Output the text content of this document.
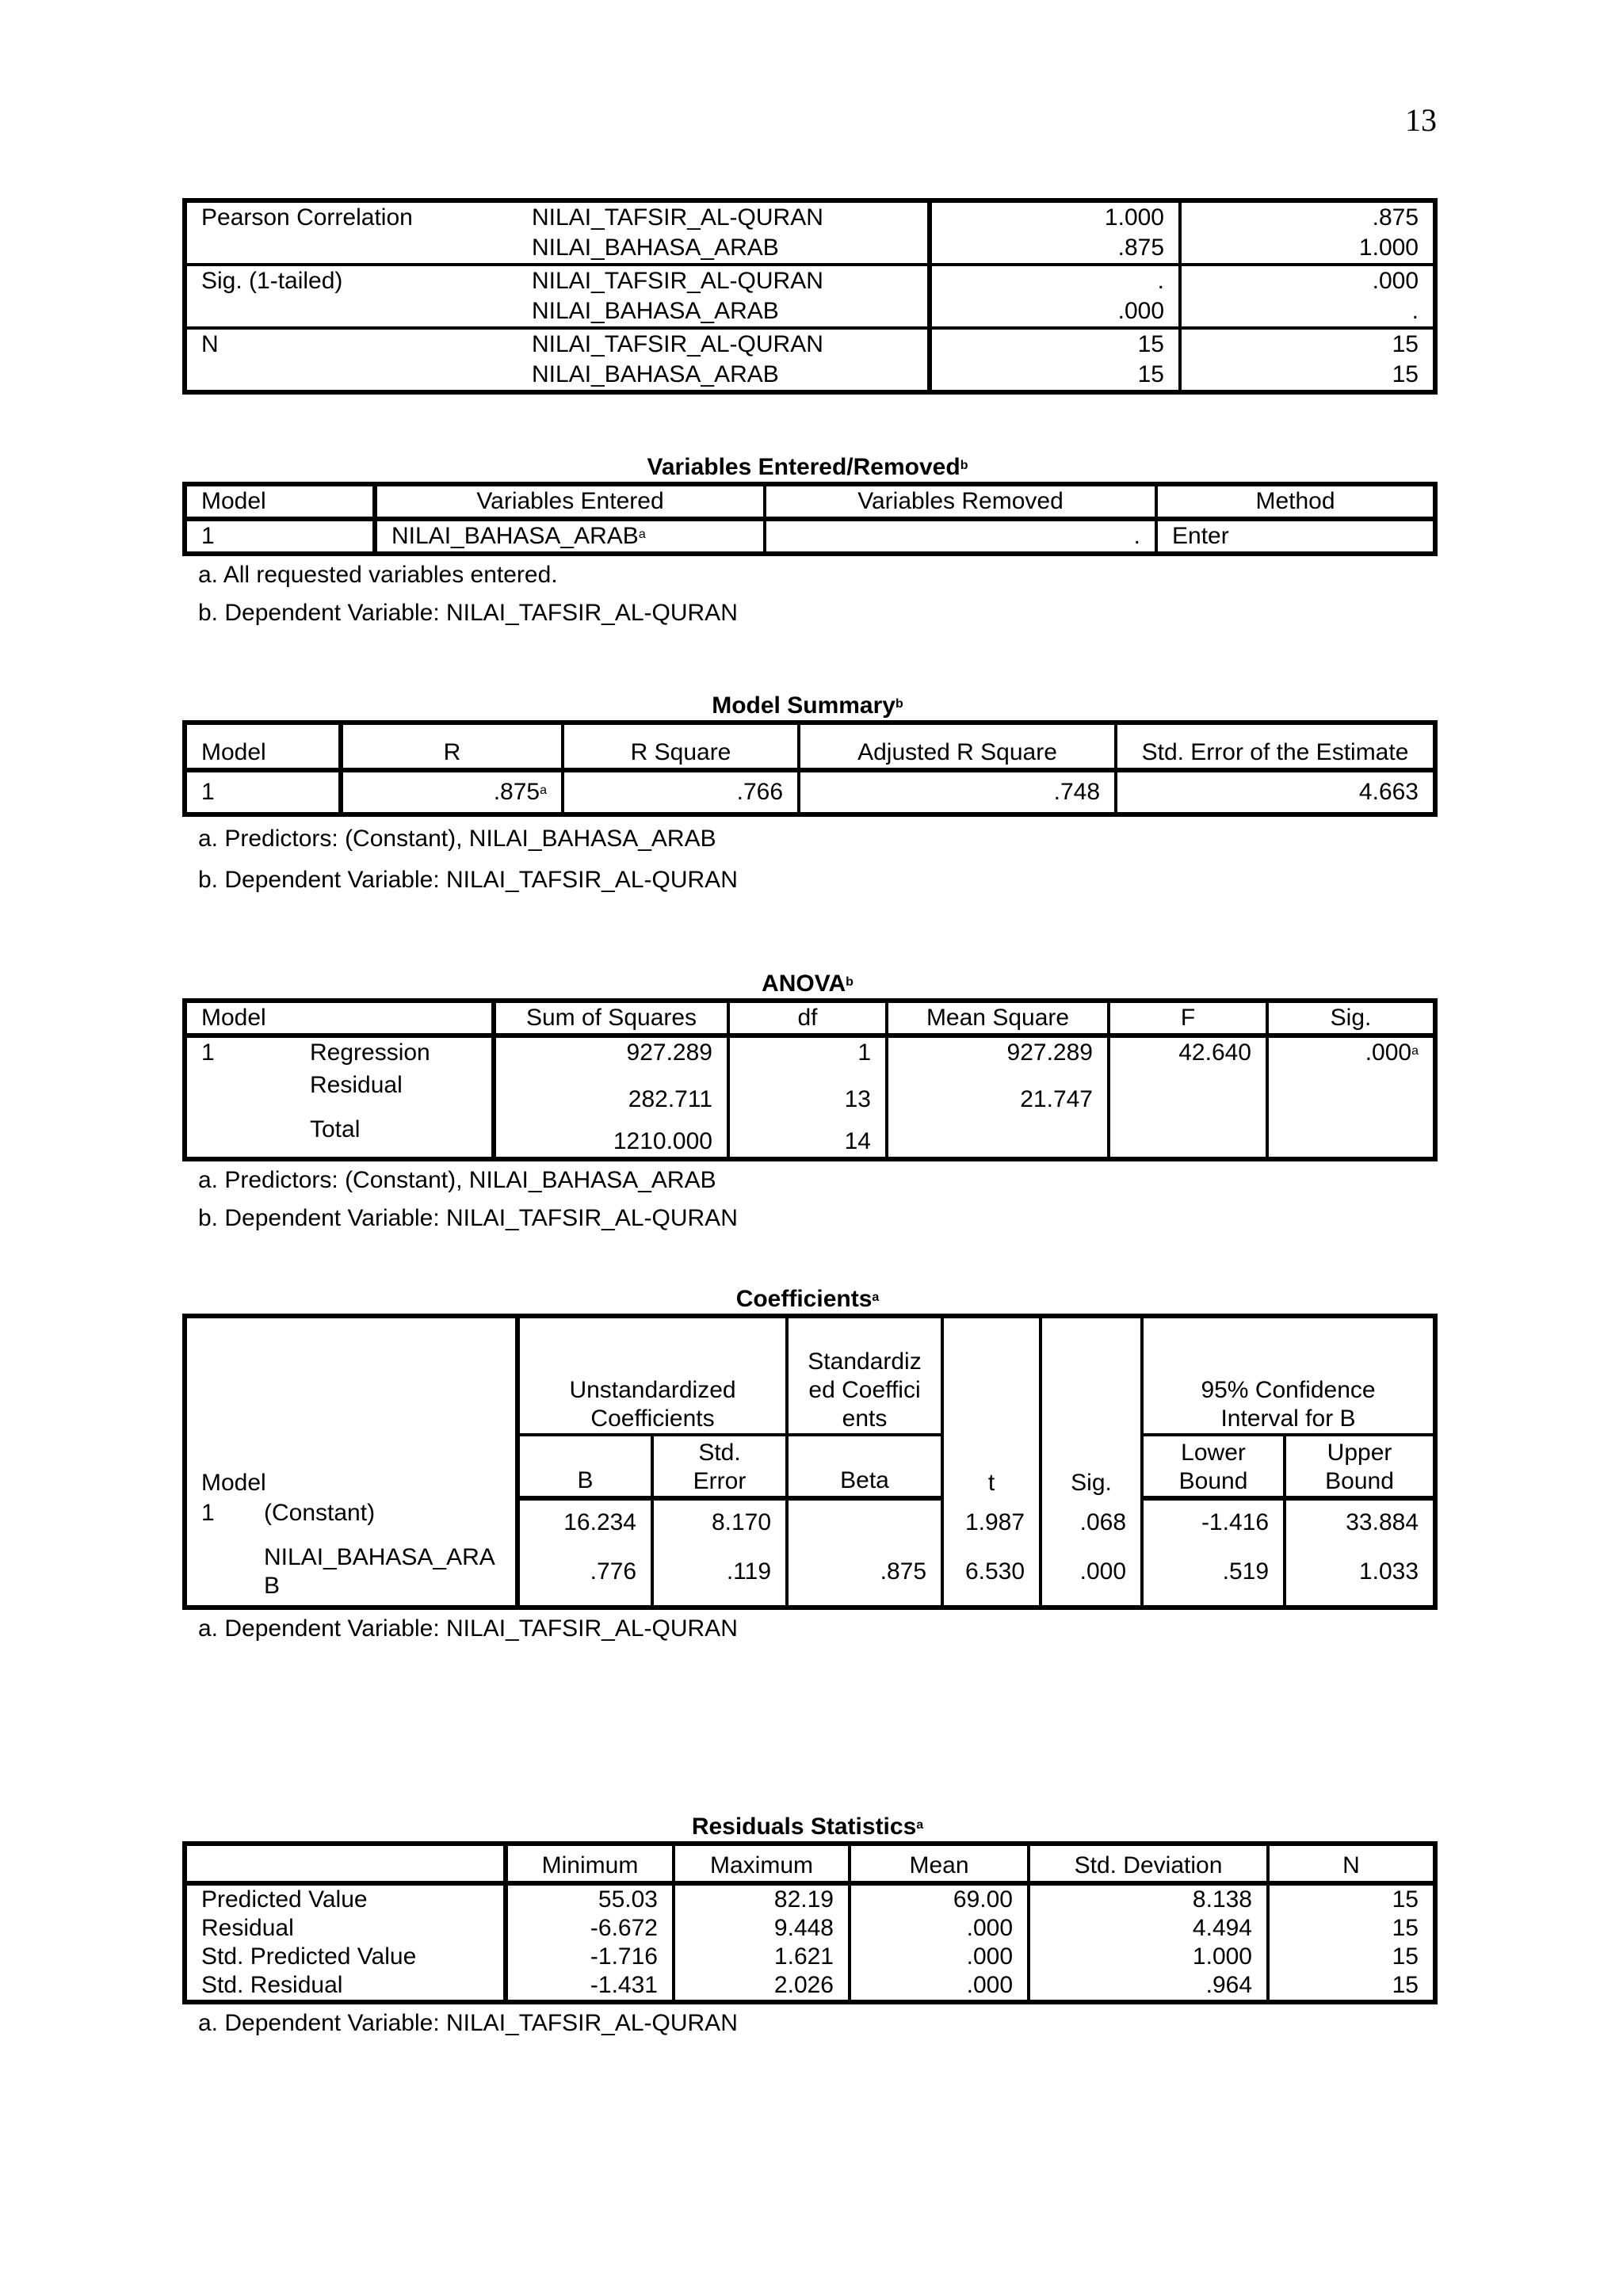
13
Pearson Correlation	NILAI_TAFSIR_AL-QURAN	1.000	.875
	NILAI_BAHASA_ARAB	.875	1.000
Sig. (1-tailed)	NILAI_TAFSIR_AL-QURAN	.	.000
	NILAI_BAHASA_ARAB	.000	.
N	NILAI_TAFSIR_AL-QURAN	15	15
	NILAI_BAHASA_ARAB	15	15
Variables Entered/Removed$^b$
Model	Variables Entered	Variables Removed	Method
1	NILAI_BAHASA_ARAB$^a$	.	Enter
a. All requested variables entered.
b. Dependent Variable: NILAI_TAFSIR_AL-QURAN
Model Summary$^b$
Model	R	R Square	Adjusted R Square	Std. Error of the Estimate
1	.875$^a$	.766	.748	4.663
a. Predictors: (Constant), NILAI_BAHASA_ARAB
b. Dependent Variable: NILAI_TAFSIR_AL-QURAN
ANOVA$^b$
Model		Sum of Squares	df	Mean Square	F	Sig.
1	Regression	927.289	1	927.289	42.640	.000$^a$
	Residual	282.711	13	21.747		
	Total	1210.000	14			
a. Predictors: (Constant), NILAI_BAHASA_ARAB
b. Dependent Variable: NILAI_TAFSIR_AL-QURAN
Coefficients$^a$
Model		Unstandardized Coefficients		Standardized Coefficients	t	Sig.	95% Confidence Interval for B	
		B	Std. Error	Beta			Lower Bound	Upper Bound
1	(Constant)	16.234	8.170		1.987	.068	-1.416	33.884
	NILAI_BAHASA_ARAB	.776	.119	.875	6.530	.000	.519	1.033
a. Dependent Variable: NILAI_TAFSIR_AL-QURAN
Residuals Statistics$^a$
	Minimum	Maximum	Mean	Std. Deviation	N
Predicted Value	55.03	82.19	69.00	8.138	15
Residual	-6.672	9.448	.000	4.494	15
Std. Predicted Value	-1.716	1.621	.000	1.000	15
Std. Residual	-1.431	2.026	.000	.964	15
a. Dependent Variable: NILAI_TAFSIR_AL-QURAN
